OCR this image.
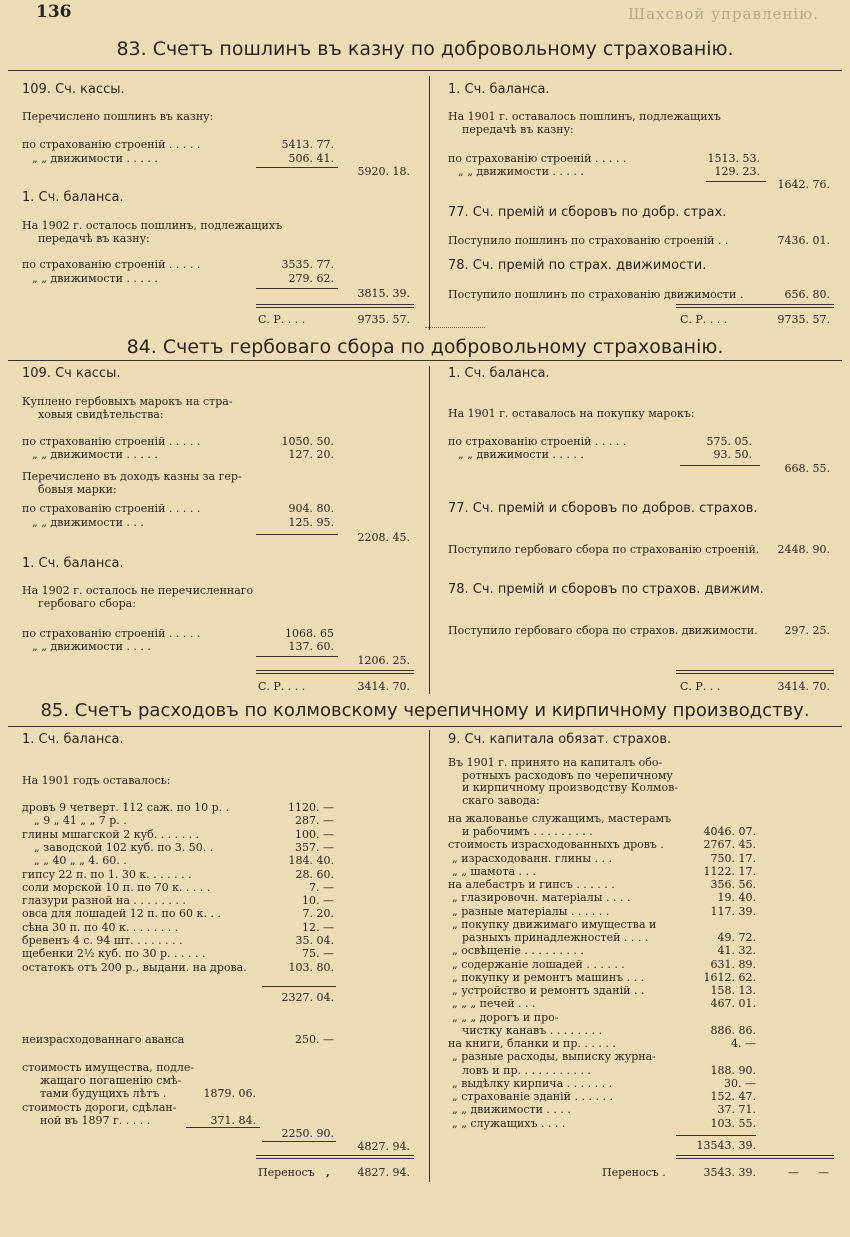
136	Шахсвой управленію.
83. Счетъ пошлинъ въ казну по добровольному страхованію.
109. Сч. кассы.
Перечислено пошлинъ въ казну:
по страхованію строеній . . . . .	5413. 77.
„ „ движимости . . . . .	506. 41.
5920. 18.
1. Сч. баланса.
На 1902 г. осталось пошлинъ, подлежащихъ
передачѣ въ казну:
по страхованію строеній . . . . .	3535. 77.
„ „ движимости . . . . .	279. 62.
3815. 39.
С. Р. . . .	9735. 57.
1. Сч. баланса.
На 1901 г. оставалось пошлинъ, подлежащихъ
передачѣ въ казну:
по страхованію строеній . . . . .	1513. 53.
„ „ движимости . . . . .	129. 23.
1642. 76.
77. Сч. премій и сборовъ по добр. страх.
Поступило пошлинъ по страхованію строеній . .	7436. 01.
78. Сч. премій по страх. движимости.
Поступило пошлинъ по страхованію движимости .	656. 80.
С. Р. . . .	9735. 57.
84. Счетъ гербоваго сбора по добровольному страхованію.
109. Сч кассы.
Куплено гербовыхъ марокъ на стра-
ховыя свидѣтельства:
по страхованію строеній . . . . .	1050. 50.
„ „ движимости . . . . .	127. 20.
Перечислено въ доходъ казны за гер-
бовыя марки:
по страхованію строеній . . . . .	904. 80.
„ „ движимости . . .	125. 95.
2208. 45.
1. Сч. баланса.
На 1902 г. осталось не перечисленнаго
гербоваго сбора:
по страхованію строеній . . . . .	1068. 65
„ „ движимости . . . .	137. 60.
1206. 25.
С. Р. . . .	3414. 70.
1. Сч. баланса.
На 1901 г. оставалось на покупку марокъ:
по страхованію строеній . . . . .	575. 05.
„ „ движимости . . . . .	93. 50.
668. 55.
77. Сч. премій и сборовъ по добров. страхов.
Поступило гербоваго сбора по страхованію строеній.	2448. 90.
78. Сч. премій и сборовъ по страхов. движим.
Поступило гербоваго сбора по страхов. движимости.	297. 25.
С. Р. . .	3414. 70.
85. Счетъ расходовъ по колмовскому черепичному и кирпичному производству.
1. Сч. баланса.
На 1901 годъ оставалось:
дровъ 9 четверт. 112 саж. по 10 р. .	1120. —
„ 9 „ 41 „ „ 7 р. .	287. —
глины мшагской 2 куб. . . . . . .	100. —
„ заводской 102 куб. по 3. 50. .	357. —
„ „ 40 „ „ 4. 60. .	184. 40.
гипсу 22 п. по 1. 30 к. . . . . . .	28. 60.
соли морской 10 п. по 70 к. . . . .	7. —
глазури разной на . . . . . . . .	10. —
овса для лошадей 12 п. по 60 к. . .	7. 20.
сѣна 30 п. по 40 к. . . . . . . .	12. —
бревенъ 4 с. 94 шт. . . . . . . .	35. 04.
щебенки 2½ куб. по 30 р. . . . . .	75. —
остатокъ отъ 200 р., выдани. на дрова.	103. 80.
2327. 04.
неизрасходованнаго аванса	250. —
стоимость имущества, подле-
жащаго погашенію смѣ-
тами будущихъ лѣтъ .	1879. 06.
стоимость дороги, сдѣлан-
ной въ 1897 г. . . . .	371. 84.
2250. 90.
4827. 94.
Переносъ ,	4827. 94.
9. Сч. капитала обязат. страхов.
Въ 1901 г. принято на капиталъ обо-
ротныхъ расходовъ по черепичному
и кирпичному производству Колмов-
скаго завода:
на жалованье служащимъ, мастерамъ
и рабочимъ . . . . . . . . .	4046. 07.
стоимость израсходованныхъ дровъ .	2767. 45.
„ израсходованн. глины . . .	750. 17.
„ „ шамота . . .	1122. 17.
на алебастръ и гипсъ . . . . . .	356. 56.
„ глазировочн. матеріалы . . . .	19. 40.
„ разные матеріалы . . . . . .	117. 39.
„ покупку движимаго имущества и
разныхъ принадлежностей . . . .	49. 72.
„ освѣщеніе . . . . . . . . .	41. 32.
„ содержаніе лошадей . . . . . .	631. 89.
„ покупку и ремонтъ машинъ . . .	1612. 62.
„ устройство и ремонтъ зданій . .	158. 13.
„ „ „ печей . . .	467. 01.
„ „ „ дорогъ и про-
чистку канавъ . . . . . . . .	886. 86.
на книги, бланки и пр. . . . . .	4. —
„ разные расходы, выписку журна-
ловъ и пр. . . . . . . . . . .	188. 90.
„ выдѣлку кирпича . . . . . . .	30. —
„ страхованіе зданій . . . . . .	152. 47.
„ „ движимости . . . .	37. 71.
„ „ служащихъ . . . .	103. 55.
13543. 39.
Переносъ .	3543. 39.	— —
